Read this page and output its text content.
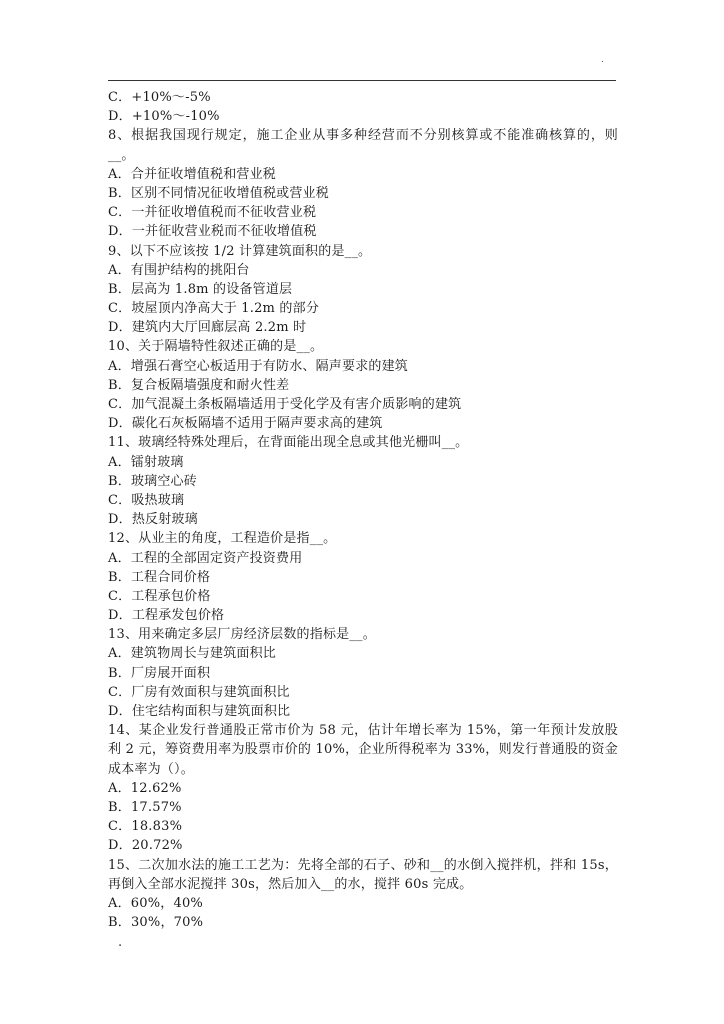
.
C．+10%～-5%
D．+10%～-10%
8、根据我国现行规定，施工企业从事多种经营而不分别核算或不能准确核算的，则__。
A．合并征收增值税和营业税
B．区别不同情况征收增值税或营业税
C．一并征收增值税而不征收营业税
D．一并征收营业税而不征收增值税
9、以下不应该按 1/2 计算建筑面积的是__。
A．有围护结构的挑阳台
B．层高为 1.8m 的设备管道层
C．坡屋顶内净高大于 1.2m 的部分
D．建筑内大厅回廊层高 2.2m 时
10、关于隔墙特性叙述正确的是__。
A．增强石膏空心板适用于有防水、隔声要求的建筑
B．复合板隔墙强度和耐火性差
C．加气混凝土条板隔墙适用于受化学及有害介质影响的建筑
D．碳化石灰板隔墙不适用于隔声要求高的建筑
11、玻璃经特殊处理后，在背面能出现全息或其他光栅叫__。
A．镭射玻璃
B．玻璃空心砖
C．吸热玻璃
D．热反射玻璃
12、从业主的角度，工程造价是指__。
A．工程的全部固定资产投资费用
B．工程合同价格
C．工程承包价格
D．工程承发包价格
13、用来确定多层厂房经济层数的指标是__。
A．建筑物周长与建筑面积比
B．厂房展开面积
C．厂房有效面积与建筑面积比
D．住宅结构面积与建筑面积比
14、某企业发行普通股正常市价为 58 元，估计年增长率为 15%，第一年预计发放股利 2 元，筹资费用率为股票市价的 10%，企业所得税率为 33%，则发行普通股的资金成本率为（）。
A．12.62%
B．17.57%
C．18.83%
D．20.72%
15、二次加水法的施工工艺为：先将全部的石子、砂和__的水倒入搅拌机，拌和 15s，再倒入全部水泥搅拌 30s，然后加入__的水，搅拌 60s 完成。
A．60%，40%
B．30%，70%
.
